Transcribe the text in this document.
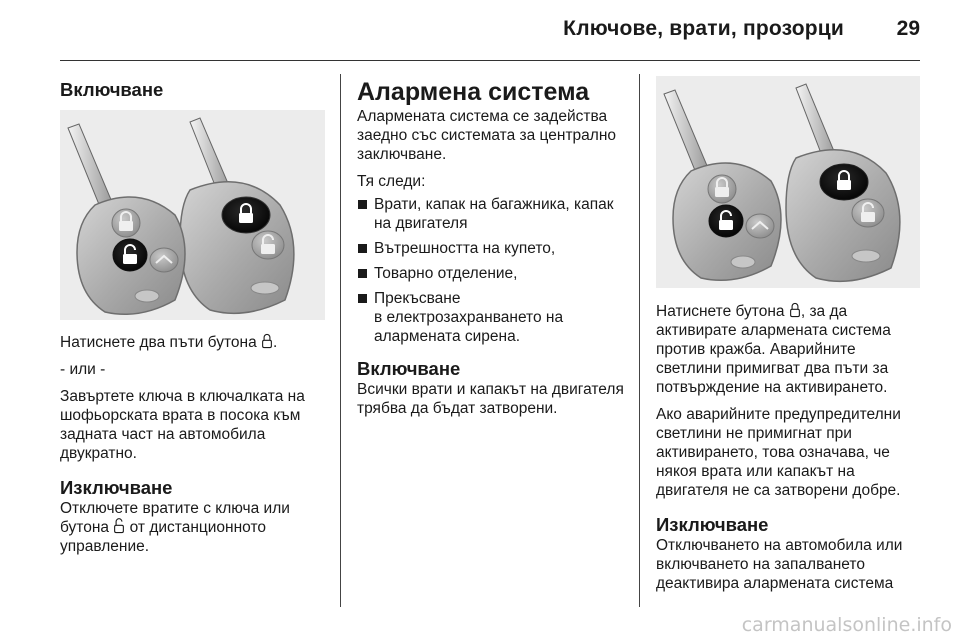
Ключове, врати, прозорци	29
Включване

Натиснете два пъти бутона .

- или -

Завъртете ключа в ключалката на шофьорската врата в посока към задната част на автомобила двукратно.

Изключване

Отключете вратите с ключа или бутона от дистанционното управление.

Алармена система

Алармената система се задейства заедно със системата за централно заключване.

Тя следи:

Врати, капак на багажника, капак на двигателя
Вътрешността на купето,
Товарно отделение,
Прекъсване
в електрозахранването на алармената сирена.
Включване

Всички врати и капакът на двигателя трябва да бъдат затворени.

Натиснете бутона , за да активирате алармената система против кражба. Аварийните светлини примигват два пъти за потвърждение на активирането.

Ако аварийните предупредителни светлини не примигнат при активирането, това означава, че някоя врата или капакът на двигателя не са затворени добре.

Изключване

Отключването на автомобила или включването на запалването деактивира алармената система

carmanualsonline.info
